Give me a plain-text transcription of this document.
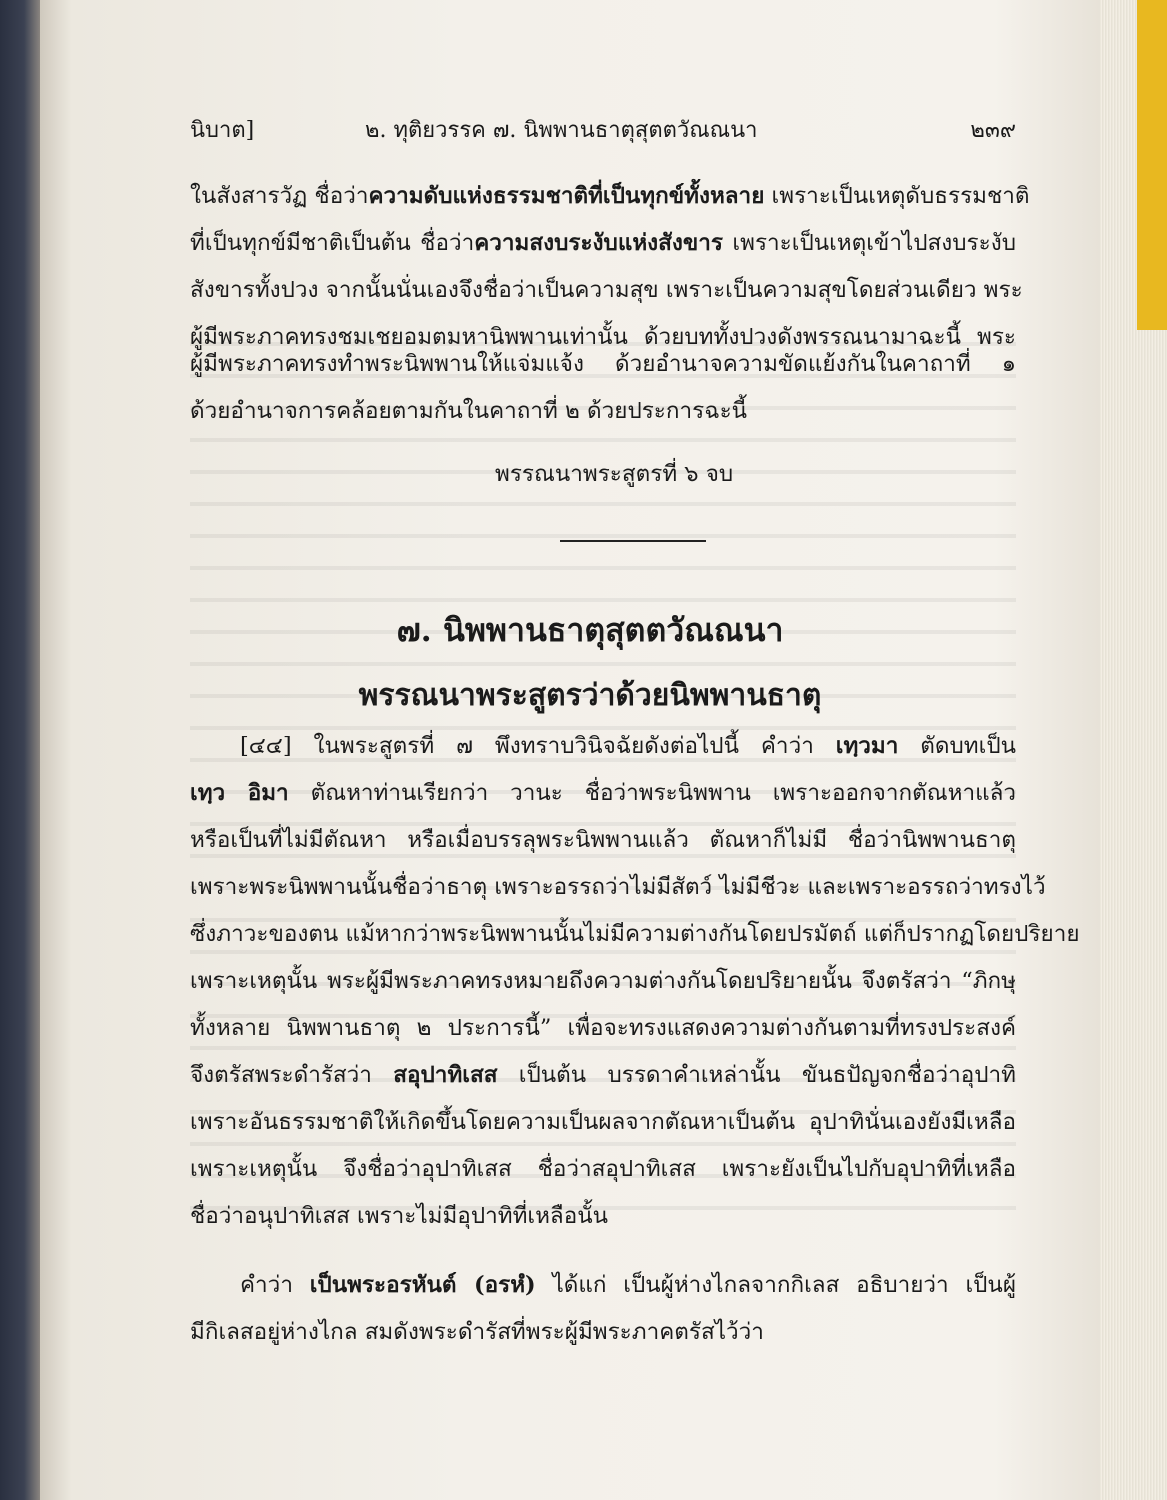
นิบาต]	๒. ทุติยวรรค ๗. นิพพานธาตุสุตตวัณณนา	๒๓๙
ในสังสารวัฏ ชื่อว่าความดับแห่งธรรมชาติที่เป็นทุกข์ทั้งหลาย เพราะเป็นเหตุดับธรรมชาติ
ที่เป็นทุกข์มีชาติเป็นต้น ชื่อว่าความสงบระงับแห่งสังขาร เพราะเป็นเหตุเข้าไปสงบระงับ
สังขารทั้งปวง จากนั้นนั่นเองจึงชื่อว่าเป็นความสุข เพราะเป็นความสุขโดยส่วนเดียว พระ
ผู้มีพระภาคทรงชมเชยอมตมหานิพพานเท่านั้น ด้วยบททั้งปวงดังพรรณนามาฉะนี้ พระ
ผู้มีพระภาคทรงทำพระนิพพานให้แจ่มแจ้ง ด้วยอำนาจความขัดแย้งกันในคาถาที่ ๑
ด้วยอำนาจการคล้อยตามกันในคาถาที่ ๒ ด้วยประการฉะนี้
พรรณนาพระสูตรที่ ๖ จบ
๗. นิพพานธาตุสุตตวัณณนา
พรรณนาพระสูตรว่าด้วยนิพพานธาตุ
[๔๔] ในพระสูตรที่ ๗ พึงทราบวินิจฉัยดังต่อไปนี้ คำว่า เทฺวมา ตัดบทเป็น
เทฺว อิมา ตัณหาท่านเรียกว่า วานะ ชื่อว่าพระนิพพาน เพราะออกจากตัณหาแล้ว
หรือเป็นที่ไม่มีตัณหา หรือเมื่อบรรลุพระนิพพานแล้ว ตัณหาก็ไม่มี ชื่อว่านิพพานธาตุ
เพราะพระนิพพานนั้นชื่อว่าธาตุ เพราะอรรถว่าไม่มีสัตว์ ไม่มีชีวะ และเพราะอรรถว่าทรงไว้
ซึ่งภาวะของตน แม้หากว่าพระนิพพานนั้นไม่มีความต่างกันโดยปรมัตถ์ แต่ก็ปรากฏโดยปริยาย
เพราะเหตุนั้น พระผู้มีพระภาคทรงหมายถึงความต่างกันโดยปริยายนั้น จึงตรัสว่า “ภิกษุ
ทั้งหลาย นิพพานธาตุ ๒ ประการนี้” เพื่อจะทรงแสดงความต่างกันตามที่ทรงประสงค์
จึงตรัสพระดำรัสว่า สอุปาทิเสส เป็นต้น บรรดาคำเหล่านั้น ขันธปัญจกชื่อว่าอุปาทิ
เพราะอันธรรมชาติให้เกิดขึ้นโดยความเป็นผลจากตัณหาเป็นต้น อุปาทินั่นเองยังมีเหลือ
เพราะเหตุนั้น จึงชื่อว่าอุปาทิเสส ชื่อว่าสอุปาทิเสส เพราะยังเป็นไปกับอุปาทิที่เหลือ
ชื่อว่าอนุปาทิเสส เพราะไม่มีอุปาทิที่เหลือนั้น
คำว่า เป็นพระอรหันต์ (อรหํ) ได้แก่ เป็นผู้ห่างไกลจากกิเลส อธิบายว่า เป็นผู้
มีกิเลสอยู่ห่างไกล สมดังพระดำรัสที่พระผู้มีพระภาคตรัสไว้ว่า
